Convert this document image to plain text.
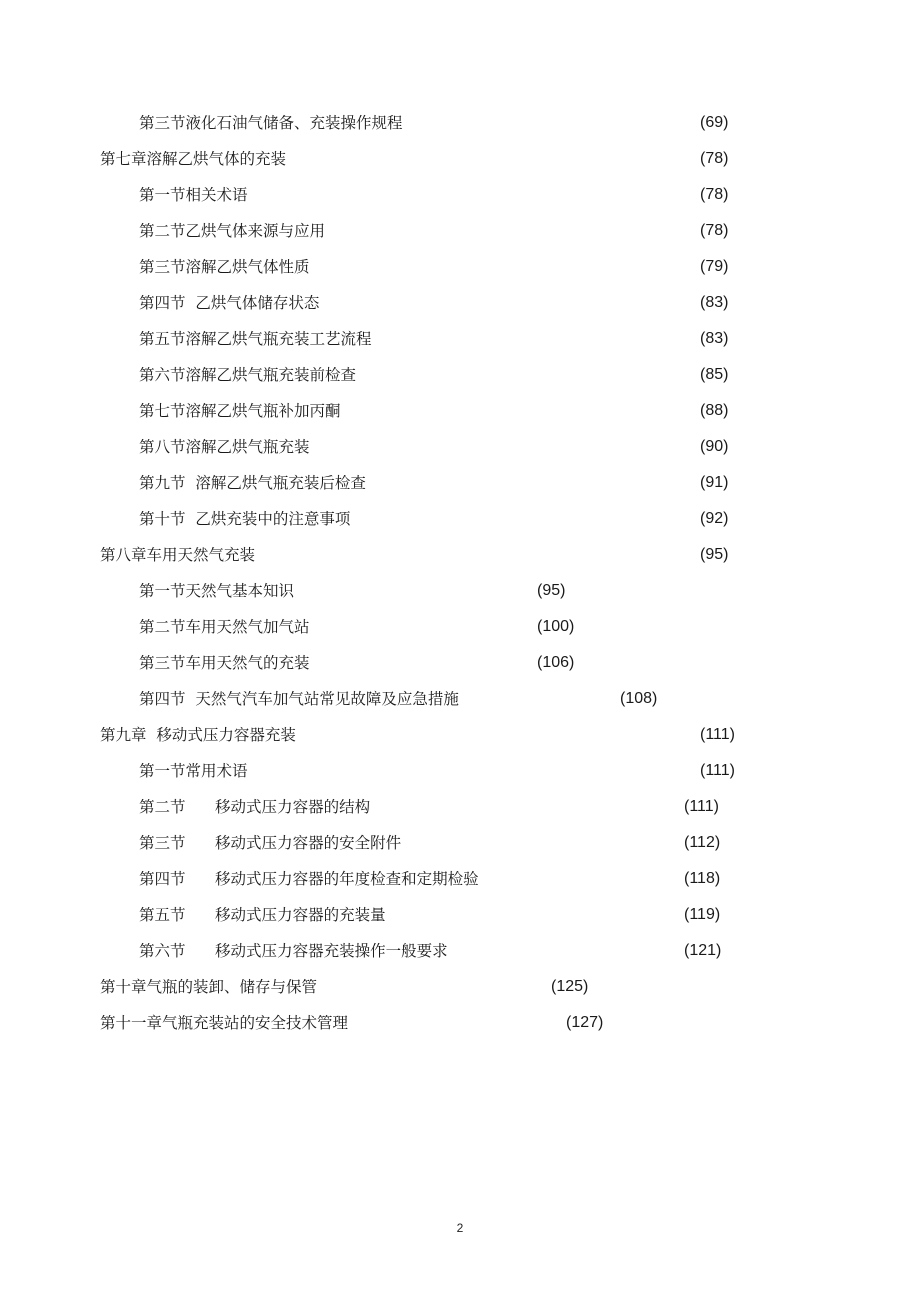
第三节液化石油气储备、充装操作规程	(69)
第七章溶解乙烘气体的充装	(78)
第一节相关术语	(78)
第二节乙烘气体来源与应用	(78)
第三节溶解乙烘气体性质	(79)
第四节  乙烘气体储存状态	(83)
第五节溶解乙烘气瓶充装工艺流程	(83)
第六节溶解乙烘气瓶充装前检查	(85)
第七节溶解乙烘气瓶补加丙酮	(88)
第八节溶解乙烘气瓶充装	(90)
第九节  溶解乙烘气瓶充装后检查	(91)
第十节  乙烘充装中的注意事项	(92)
第八章车用天然气充装	(95)
第一节天然气基本知识	(95)
第二节车用天然气加气站	(100)
第三节车用天然气的充装	(106)
第四节  天然气汽车加气站常见故障及应急措施	(108)
第九章  移动式压力容器充装	(111)
第一节常用术语	(111)
第二节      移动式压力容器的结构	(111)
第三节      移动式压力容器的安全附件	(112)
第四节      移动式压力容器的年度检查和定期检验	(118)
第五节      移动式压力容器的充装量	(119)
第六节      移动式压力容器充装操作一般要求	(121)
第十章气瓶的装卸、储存与保管	(125)
第十一章气瓶充装站的安全技术管理	(127)
2
